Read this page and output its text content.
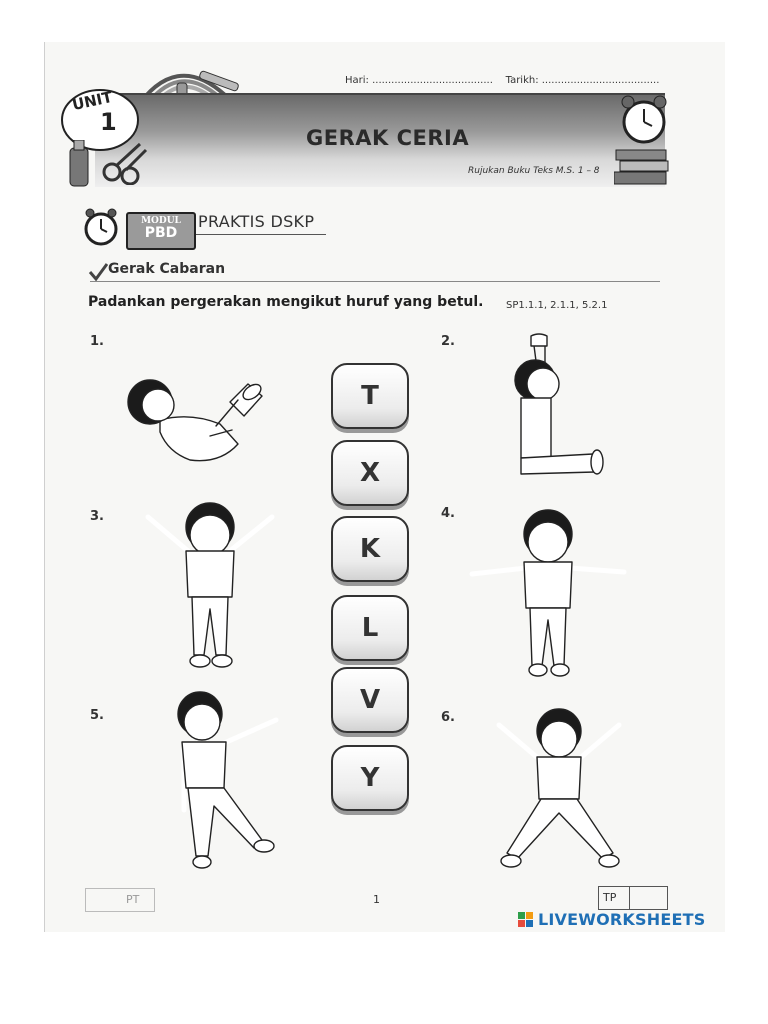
Hari: ...................................... Tarikh: .....................................
UNIT
1
GERAK CERIA
Rujukan Buku Teks M.S. 1 – 8
MODUL
PBD
PRAKTIS DSKP
Gerak Cabaran
Padankan pergerakan mengikut huruf yang betul. SP1.1.1, 2.1.1, 5.2.1
1.	2.
3.	4.
5.	6.
T
X
K
L
V
Y
PT	1	TP
LIVEWORKSHEETS
